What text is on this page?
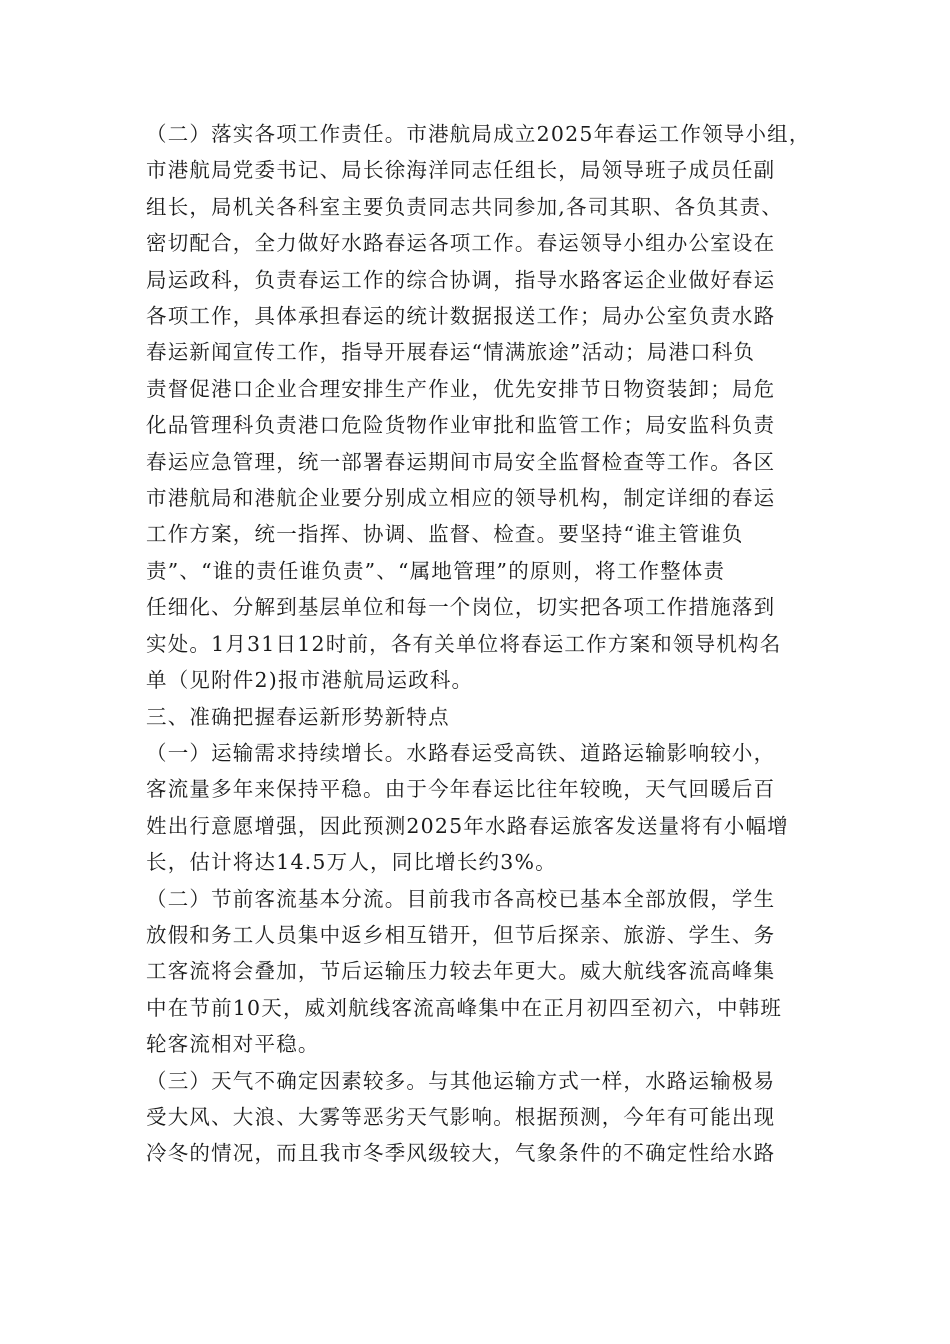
（二）落实各项工作责任。市港航局成立2025年春运工作领导小组，
市港航局党委书记、局长徐海洋同志任组长，局领导班子成员任副
组长，局机关各科室主要负责同志共同参加,各司其职、各负其责、
密切配合，全力做好水路春运各项工作。春运领导小组办公室设在
局运政科，负责春运工作的综合协调，指导水路客运企业做好春运
各项工作，具体承担春运的统计数据报送工作；局办公室负责水路
春运新闻宣传工作，指导开展春运“情满旅途”活动；局港口科负
责督促港口企业合理安排生产作业，优先安排节日物资装卸；局危
化品管理科负责港口危险货物作业审批和监管工作；局安监科负责
春运应急管理，统一部署春运期间市局安全监督检查等工作。各区
市港航局和港航企业要分别成立相应的领导机构，制定详细的春运
工作方案，统一指挥、协调、监督、检查。要坚持“谁主管谁负
责”、“谁的责任谁负责”、“属地管理”的原则，将工作整体责
任细化、分解到基层单位和每一个岗位，切实把各项工作措施落到
实处。1月31日12时前，各有关单位将春运工作方案和领导机构名
单（见附件2)报市港航局运政科。
三、准确把握春运新形势新特点
（一）运输需求持续增长。水路春运受高铁、道路运输影响较小，
客流量多年来保持平稳。由于今年春运比往年较晚，天气回暖后百
姓出行意愿增强，因此预测2025年水路春运旅客发送量将有小幅增
长，估计将达14.5万人，同比增长约3%。
（二）节前客流基本分流。目前我市各高校已基本全部放假，学生
放假和务工人员集中返乡相互错开，但节后探亲、旅游、学生、务
工客流将会叠加，节后运输压力较去年更大。威大航线客流高峰集
中在节前10天，威刘航线客流高峰集中在正月初四至初六，中韩班
轮客流相对平稳。
（三）天气不确定因素较多。与其他运输方式一样，水路运输极易
受大风、大浪、大雾等恶劣天气影响。根据预测，今年有可能出现
冷冬的情况，而且我市冬季风级较大，气象条件的不确定性给水路
